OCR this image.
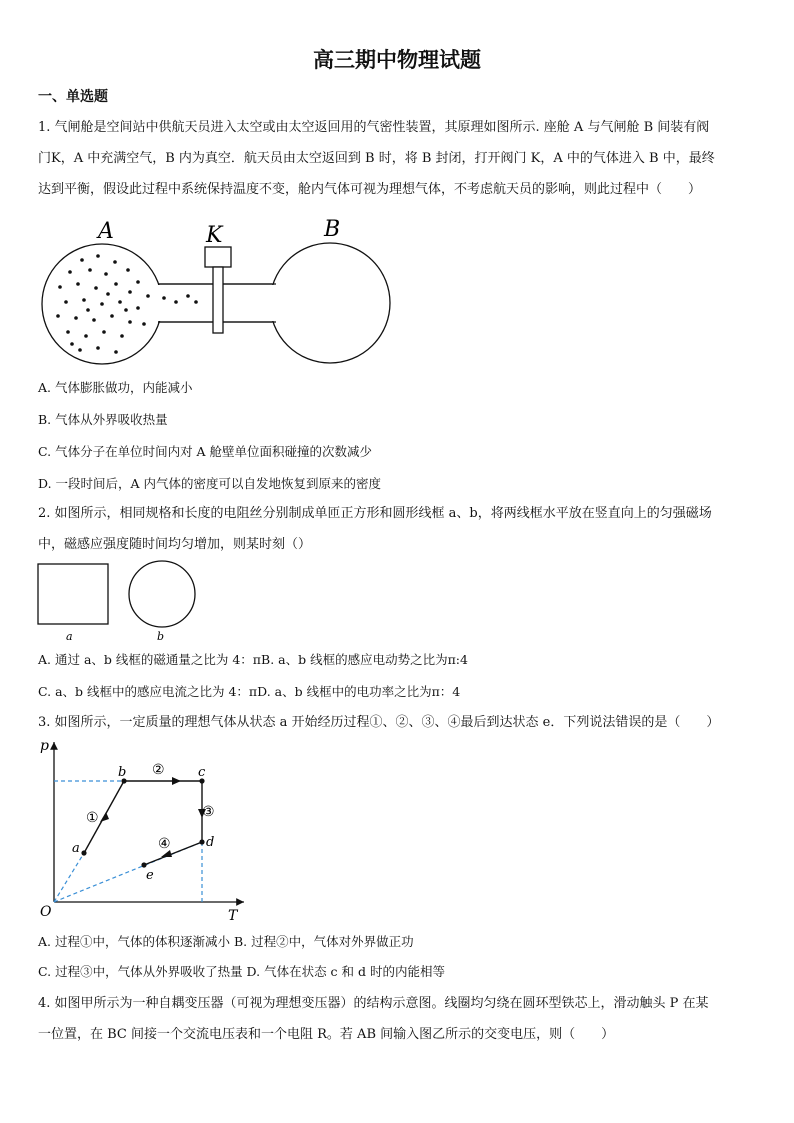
高三期中物理试题
一、单选题
1. 气闸舱是空间站中供航天员进入太空或由太空返回用的气密性装置，其原理如图所示. 座舱 A 与气闸舱 B 间装有阀
门K，A 中充满空气，B 内为真空．航天员由太空返回到 B 时，将 B 封闭，打开阀门 K，A 中的气体进入 B 中，最终
达到平衡，假设此过程中系统保持温度不变，舱内气体可视为理想气体，不考虑航天员的影响，则此过程中（　　）
A	K	B
A. 气体膨胀做功，内能减小
B. 气体从外界吸收热量
C. 气体分子在单位时间内对 A 舱壁单位面积碰撞的次数减少
D. 一段时间后，A 内气体的密度可以自发地恢复到原来的密度
2. 如图所示，相同规格和长度的电阻丝分别制成单匝正方形和圆形线框 a、b，将两线框水平放在竖直向上的匀强磁场
中，磁感应强度随时间均匀增加，则某时刻（）
a	b
A. 通过 a、b 线框的磁通量之比为 4：πB. a、b 线框的感应电动势之比为π:4
C. a、b 线框中的感应电流之比为 4：πD. a、b 线框中的电功率之比为π：4
3. 如图所示，一定质量的理想气体从状态 a 开始经历过程①、②、③、④最后到达状态 e．下列说法错误的是（　　）
p
T
O
a
b	c
d
e
①
②
③
④
A. 过程①中，气体的体积逐渐减小 B. 过程②中，气体对外界做正功
C. 过程③中，气体从外界吸收了热量 D. 气体在状态 c 和 d 时的内能相等
4. 如图甲所示为一种自耦变压器（可视为理想变压器）的结构示意图。线圈均匀绕在圆环型铁芯上，滑动触头 P 在某
一位置，在 BC 间接一个交流电压表和一个电阻 R。若 AB 间输入图乙所示的交变电压，则（　　）
